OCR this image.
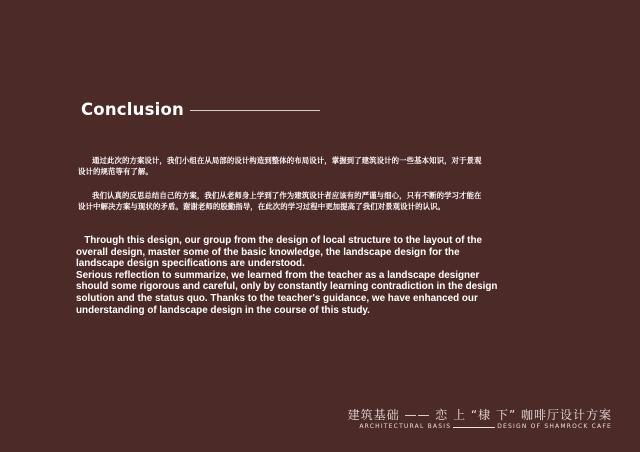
Conclusion
通过此次的方案设计，我们小组在从局部的设计构造到整体的布局设计，掌握到了建筑设计的一些基本知识，对于景观
设计的规范等有了解。
我们认真的反思总结自己的方案，我们从老师身上学到了作为建筑设计者应该有的严谨与细心，只有不断的学习才能在
设计中解决方案与现状的矛盾。谢谢老师的股勤指导，在此次的学习过程中更加提高了我们对景观设计的认识。
Through this design, our group from the design of local structure to the layout of the
overall design, master some of the basic knowledge, the landscape design for the
landscape design specifications are understood.
Serious reflection to summarize, we learned from the teacher as a landscape designer
should some rigorous and careful, only by constantly learning contradiction in the design
solution and the status quo. Thanks to the teacher's guidance, we have enhanced our
understanding of landscape design in the course of this study.
建筑基础 —— 恋 上 “棣 下” 咖啡厅设计方案
ARCHITECTURAL BASIS	DESIGN OF SHAMROCK CAFE
